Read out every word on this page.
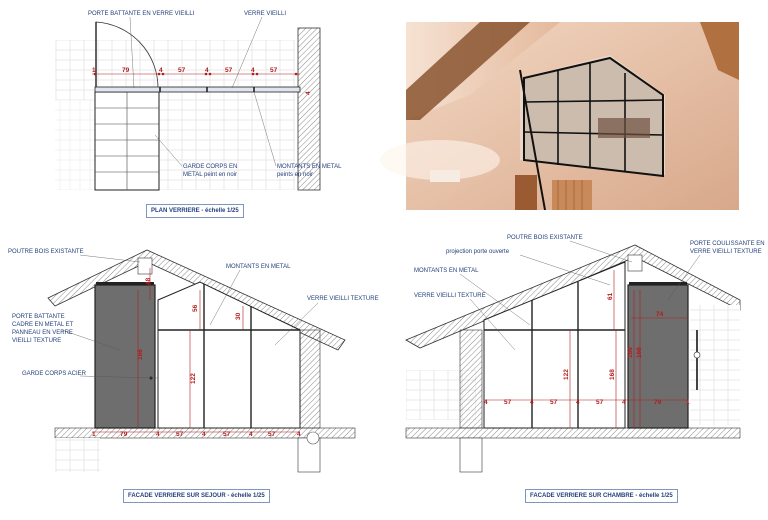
1	79	4 57	4	57	4 57
4
PORTE BATTANTE EN VERRE VIEILLI	VERRE VIEILLI
GARDE CORPS EN
METAL peint en noir
MONTANTS EN METAL
peints en noir
1	79	4	57	4	57	4 57	4
48
56
30
166
122
POUTRE BOIS EXISTANTE
MONTANTS EN METAL
VERRE VIEILLI TEXTURE
PORTE BATTANTE
CADRE EN METAL ET
PANNEAU EN VERRE
VIEILLI TEXTURE
GARDE CORPS ACIER
4	57	4	57	4	57	4	79	1
61
122
74
166 166
168
POUTRE BOIS EXISTANTE
projection porte ouverte
MONTANTS EN METAL
VERRE VIEILLI TEXTURE
PORTE COULISSANTE EN
VERRE VIEILLI TEXTURE
PLAN VERRIERE - échelle 1/25
FACADE VERRIERE SUR SEJOUR - échelle 1/25	FACADE VERRIERE SUR CHAMBRE - échelle 1/25
